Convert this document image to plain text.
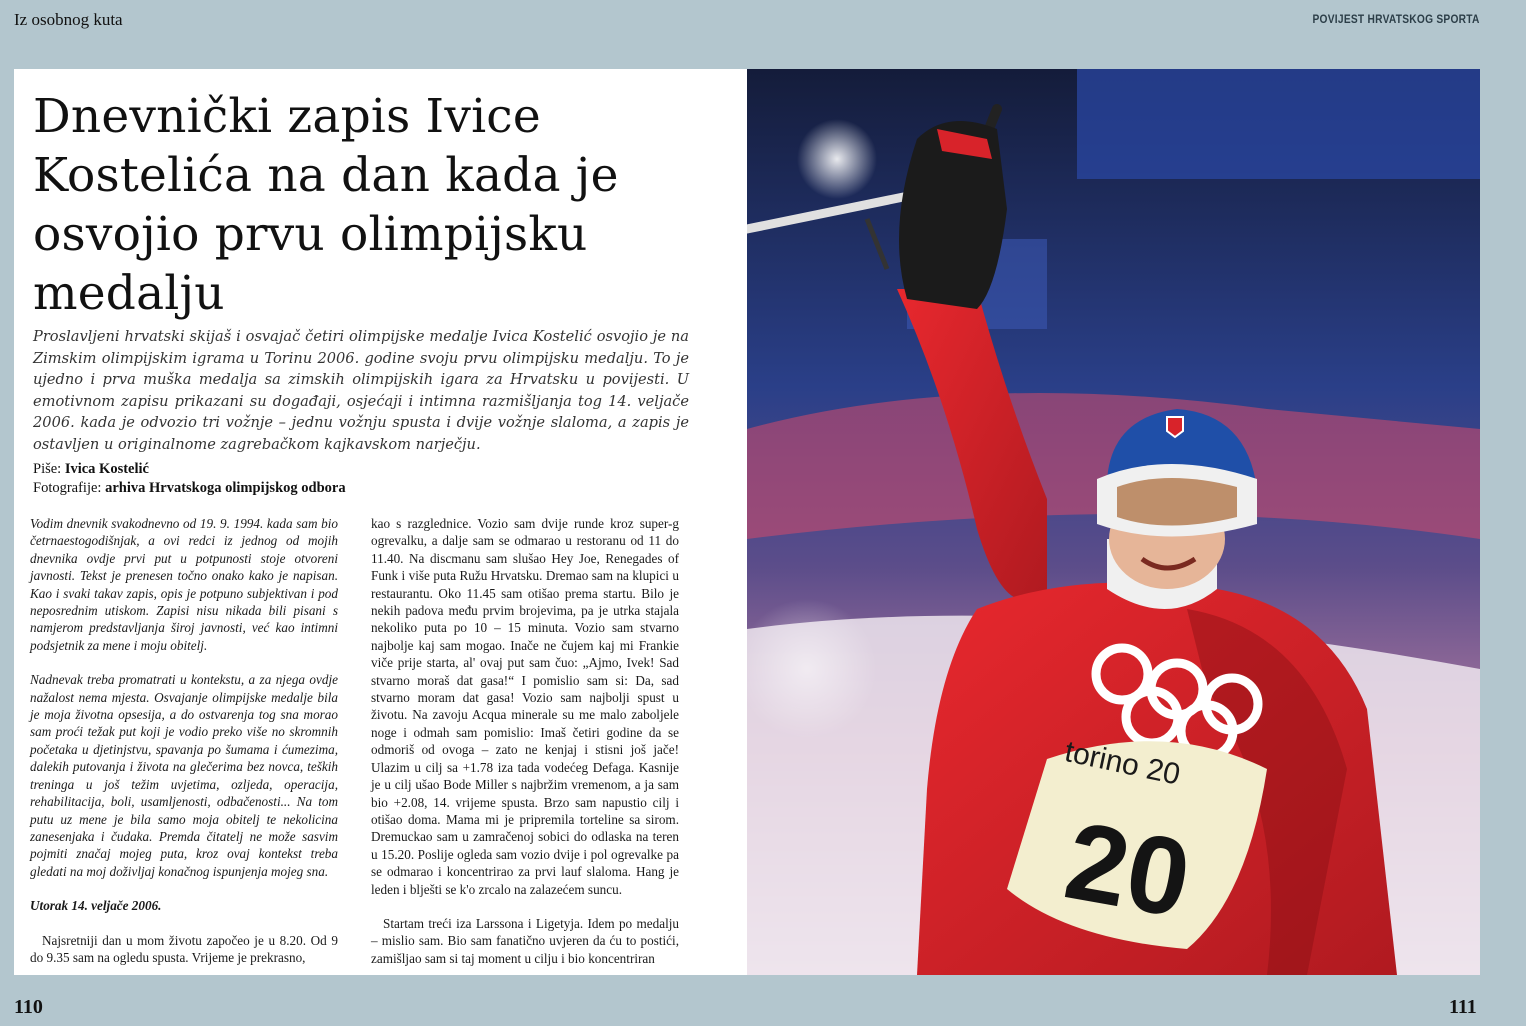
Iz osobnog kuta	POVIJEST HRVATSKOG SPORTA
Dnevnički zapis Ivice Kostelića na dan kada je osvojio prvu olimpijsku medalju

Proslavljeni hrvatski skijaš i osvajač četiri olimpijske medalje Ivica Kostelić osvojio je na Zimskim olimpijskim igrama u Torinu 2006. godine svoju prvu olimpijsku medalju. To je ujedno i prva muška medalja sa zimskih olimpijskih igara za Hrvatsku u povijesti. U emotivnom zapisu prikazani su događaji, osjećaji i intimna razmišljanja tog 14. veljače 2006. kada je odvozio tri vožnje – jednu vožnju spusta i dvije vožnje slaloma, a zapis je ostavljen u originalnome zagrebačkom kajkavskom narječju.

Piše: Ivica Kostelić
Fotografije: arhiva Hrvatskoga olimpijskog odbora

Vodim dnevnik svakodnevno od 19. 9. 1994. kada sam bio četrnaestogodišnjak, a ovi redci iz jednog od mojih dnevnika ovdje prvi put u potpunosti stoje otvoreni javnosti. Tekst je prenesen točno onako kako je napisan. Kao i svaki takav zapis, opis je potpuno subjektivan i pod neposrednim utiskom. Zapisi nisu nikada bili pisani s namjerom predstavljanja široj javnosti, već kao intimni podsjetnik za mene i moju obitelj.

Nadnevak treba promatrati u kontekstu, a za njega ovdje nažalost nema mjesta. Osvajanje olimpijske medalje bila je moja životna opsesija, a do ostvarenja tog sna morao sam proći težak put koji je vodio preko više no skromnih početaka u djetinjstvu, spavanja po šumama i ćumezima, dalekih putovanja i života na glečerima bez novca, teških treninga u još težim uvjetima, ozljeda, operacija, rehabilitacija, boli, usamljenosti, odbačenosti... Na tom putu uz mene je bila samo moja obitelj te nekolicina zanesenjaka i čudaka. Premda čitatelj ne može sasvim pojmiti značaj mojeg puta, kroz ovaj kontekst treba gledati na moj doživljaj konačnog ispunjenja mojeg sna.

Utorak 14. veljače 2006.

Najsretniji dan u mom životu započeo je u 8.20. Od 9 do 9.35 sam na ogledu spusta. Vrijeme je prekrasno,

kao s razglednice. Vozio sam dvije runde kroz super-g ogrevalku, a dalje sam se odmarao u restoranu od 11 do 11.40. Na discmanu sam slušao Hey Joe, Renegades of Funk i više puta Ružu Hrvatsku. Dremao sam na klupici u restaurantu. Oko 11.45 sam otišao prema startu. Bilo je nekih padova među prvim brojevima, pa je utrka stajala nekoliko puta po 10 – 15 minuta. Vozio sam stvarno najbolje kaj sam mogao. Inače ne čujem kaj mi Frankie viče prije starta, al' ovaj put sam čuo: „Ajmo, Ivek! Sad stvarno moraš dat gasa!“ I pomislio sam si: Da, sad stvarno moram dat gasa! Vozio sam najbolji spust u životu. Na zavoju Acqua minerale su me malo zaboljele noge i odmah sam pomislio: Imaš četiri godine da se odmoriš od ovoga – zato ne kenjaj i stisni još jače! Ulazim u cilj sa +1.78 iza tada vodećeg Defaga. Kasnije je u cilj ušao Bode Miller s najbržim vremenom, a ja sam bio +2.08, 14. vrijeme spusta. Brzo sam napustio cilj i otišao doma. Mama mi je pripremila torteline sa sirom. Dremuckao sam u zamračenoj sobici do odlaska na teren u 15.20. Poslije ogleda sam vozio dvije i pol ogrevalke pa se odmarao i koncentrirao za prvi lauf slaloma. Hang je leden i blješti se k'o zrcalo na zalazećem suncu.

Startam treći iza Larssona i Ligetyja. Idem po medalju – mislio sam. Bio sam fanatično uvjeren da ću to postići, zamišljao sam si taj moment u cilju i bio koncentriran

torino 20
20
110	111
